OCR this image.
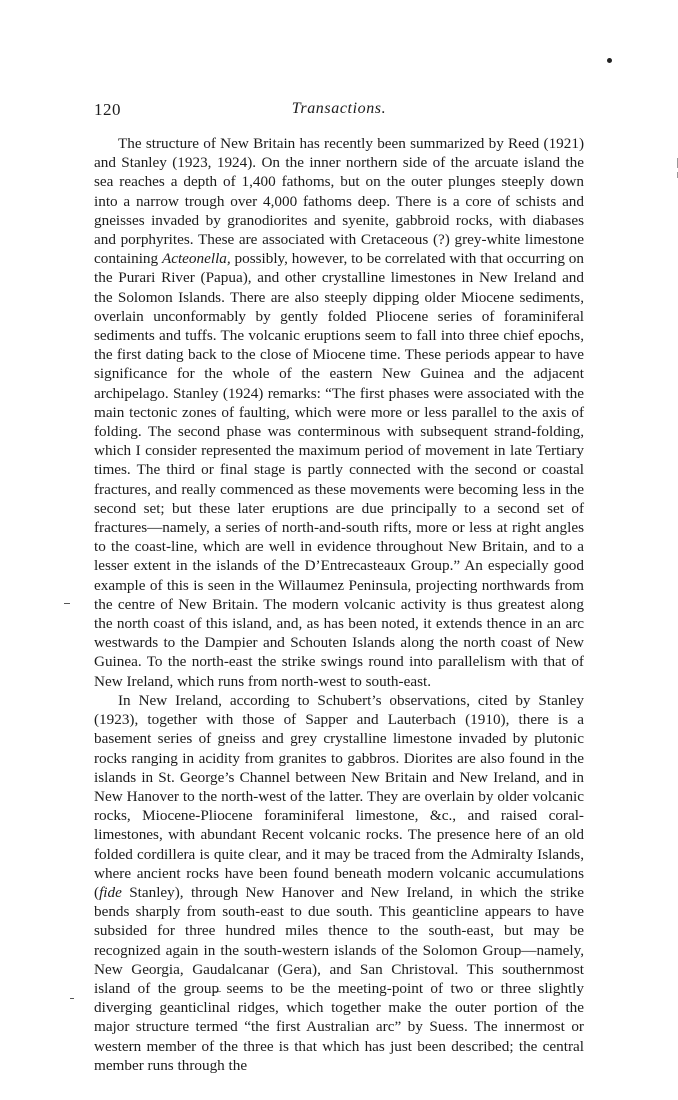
120	Transactions.

The structure of New Britain has recently been summarized by Reed (1921) and Stanley (1923, 1924). On the inner northern side of the arcuate island the sea reaches a depth of 1,400 fathoms, but on the outer plunges steeply down into a narrow trough over 4,000 fathoms deep. There is a core of schists and gneisses invaded by granodiorites and syenite, gabbroid rocks, with diabases and porphyrites. These are associated with Cretaceous (?) grey-white limestone containing Acteonella, possibly, however, to be correlated with that occurring on the Purari River (Papua), and other crystalline limestones in New Ireland and the Solomon Islands. There are also steeply dipping older Miocene sediments, overlain unconformably by gently folded Pliocene series of foraminiferal sediments and tuffs. The volcanic eruptions seem to fall into three chief epochs, the first dating back to the close of Miocene time. These periods appear to have significance for the whole of the eastern New Guinea and the adjacent archipelago. Stanley (1924) remarks: “The first phases were associated with the main tectonic zones of faulting, which were more or less parallel to the axis of folding. The second phase was conterminous with subsequent strand-folding, which I consider represented the maximum period of movement in late Tertiary times. The third or final stage is partly connected with the second or coastal fractures, and really commenced as these movements were becoming less in the second set; but these later eruptions are due principally to a second set of fractures—namely, a series of north-and-south rifts, more or less at right angles to the coast-line, which are well in evidence throughout New Britain, and to a lesser extent in the islands of the D’Entrecasteaux Group.” An especially good example of this is seen in the Willaumez Peninsula, projecting northwards from the centre of New Britain. The modern volcanic activity is thus greatest along the north coast of this island, and, as has been noted, it extends thence in an arc westwards to the Dampier and Schouten Islands along the north coast of New Guinea. To the north-east the strike swings round into parallelism with that of New Ireland, which runs from north-west to south-east.

In New Ireland, according to Schubert’s observations, cited by Stanley (1923), together with those of Sapper and Lauterbach (1910), there is a basement series of gneiss and grey crystalline limestone invaded by plutonic rocks ranging in acidity from granites to gabbros. Diorites are also found in the islands in St. George’s Channel between New Britain and New Ireland, and in New Hanover to the north-west of the latter. They are overlain by older volcanic rocks, Miocene-Pliocene foraminiferal limestone, &c., and raised coral-limestones, with abundant Recent volcanic rocks. The presence here of an old folded cordillera is quite clear, and it may be traced from the Admiralty Islands, where ancient rocks have been found beneath modern volcanic accumulations (fide Stanley), through New Hanover and New Ireland, in which the strike bends sharply from south-east to due south. This geanticline appears to have subsided for three hundred miles thence to the south-east, but may be recognized again in the south-western islands of the Solomon Group—namely, New Georgia, Gaudalcanar (Gera), and San Christoval. This southernmost island of the group seems to be the meeting-point of two or three slightly diverging geanticlinal ridges, which together make the outer portion of the major structure termed “the first Australian arc” by Suess. The innermost or western member of the three is that which has just been described; the central member runs through the
